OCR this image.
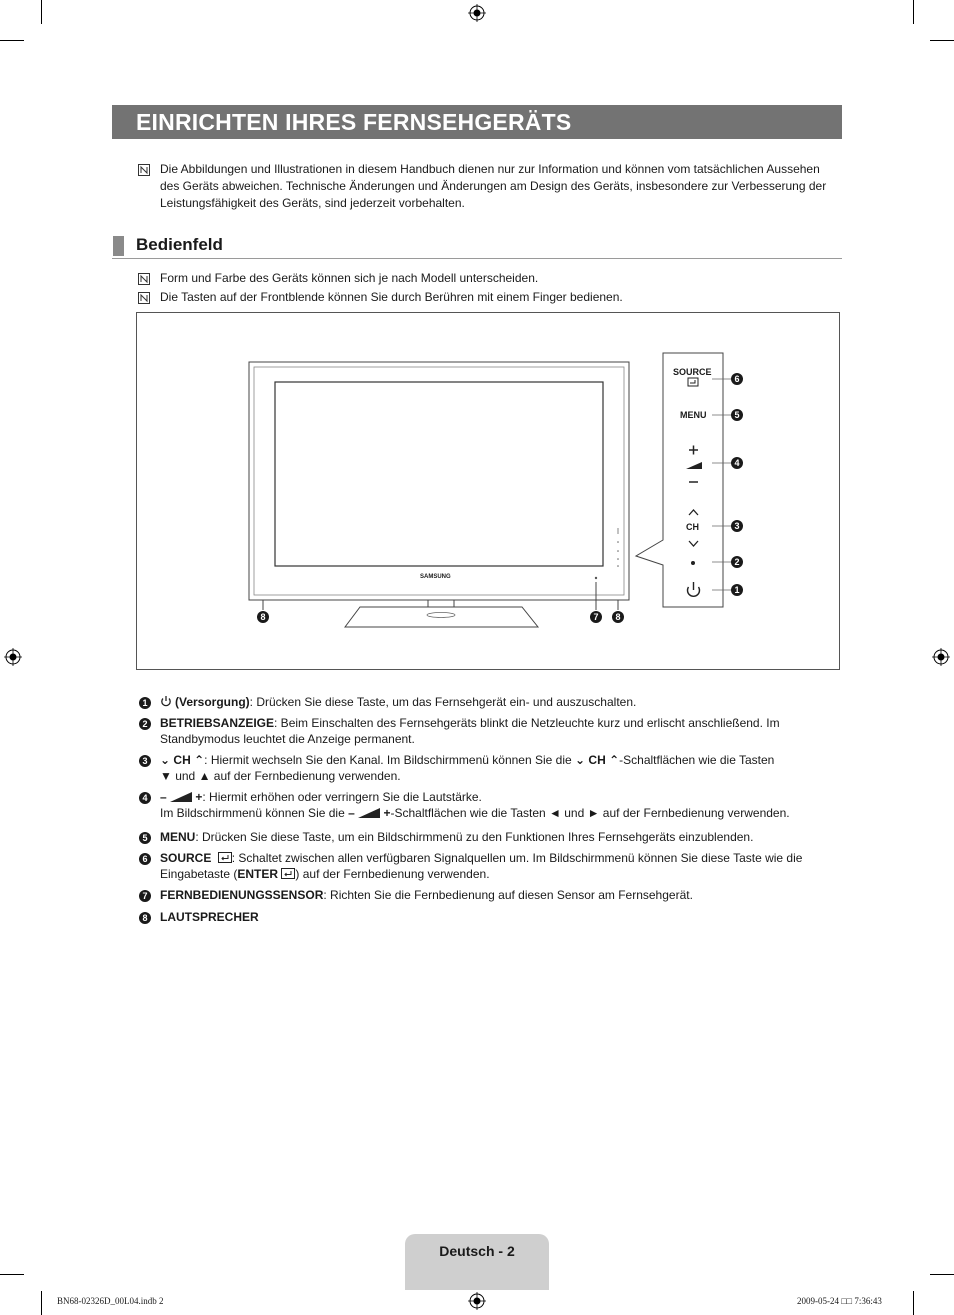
EINRICHTEN IHRES FERNSEHGERÄTS
Die Abbildungen und Illustrationen in diesem Handbuch dienen nur zur Information und können vom tatsächlichen Aussehen des Geräts abweichen. Technische Änderungen und Änderungen am Design des Geräts, insbesondere zur Verbesserung der Leistungsfähigkeit des Geräts, sind jederzeit vorbehalten.
Bedienfeld
Form und Farbe des Geräts können sich je nach Modell unterscheiden.
Die Tasten auf der Frontblende können Sie durch Berühren mit einem Finger bedienen.
SAMSUNG
SOURCE
MENU
CH
6
5
4
3
2
1
8	7	8
1	(Versorgung): Drücken Sie diese Taste, um das Fernsehgerät ein- und auszuschalten.
2 BETRIEBSANZEIGE: Beim Einschalten des Fernsehgeräts blinkt die Netzleuchte kurz und erlischt anschließend. Im Standbymodus leuchtet die Anzeige permanent.
3 ⌄ CH ⌃: Hiermit wechseln Sie den Kanal. Im Bildschirmmenü können Sie die ⌄ CH ⌃-Schaltflächen wie die Tasten
▼ und ▲ auf der Fernbedienung verwenden.
4 – +: Hiermit erhöhen oder verringern Sie die Lautstärke.
Im Bildschirmmenü können Sie die – +-Schaltflächen wie die Tasten ◄ und ► auf der Fernbedienung verwenden.
5 MENU: Drücken Sie diese Taste, um ein Bildschirmmenü zu den Funktionen Ihres Fernsehgeräts einzublenden.
6 SOURCE : Schaltet zwischen allen verfügbaren Signalquellen um. Im Bildschirmmenü können Sie diese Taste wie die
Eingabetaste (ENTER ) auf der Fernbedienung verwenden.
7 FERNBEDIENUNGSSENSOR: Richten Sie die Fernbedienung auf diesen Sensor am Fernsehgerät.
8 LAUTSPRECHER
Deutsch - 2
BN68-02326D_00L04.indb 2	2009-05-24 □□ 7:36:43
